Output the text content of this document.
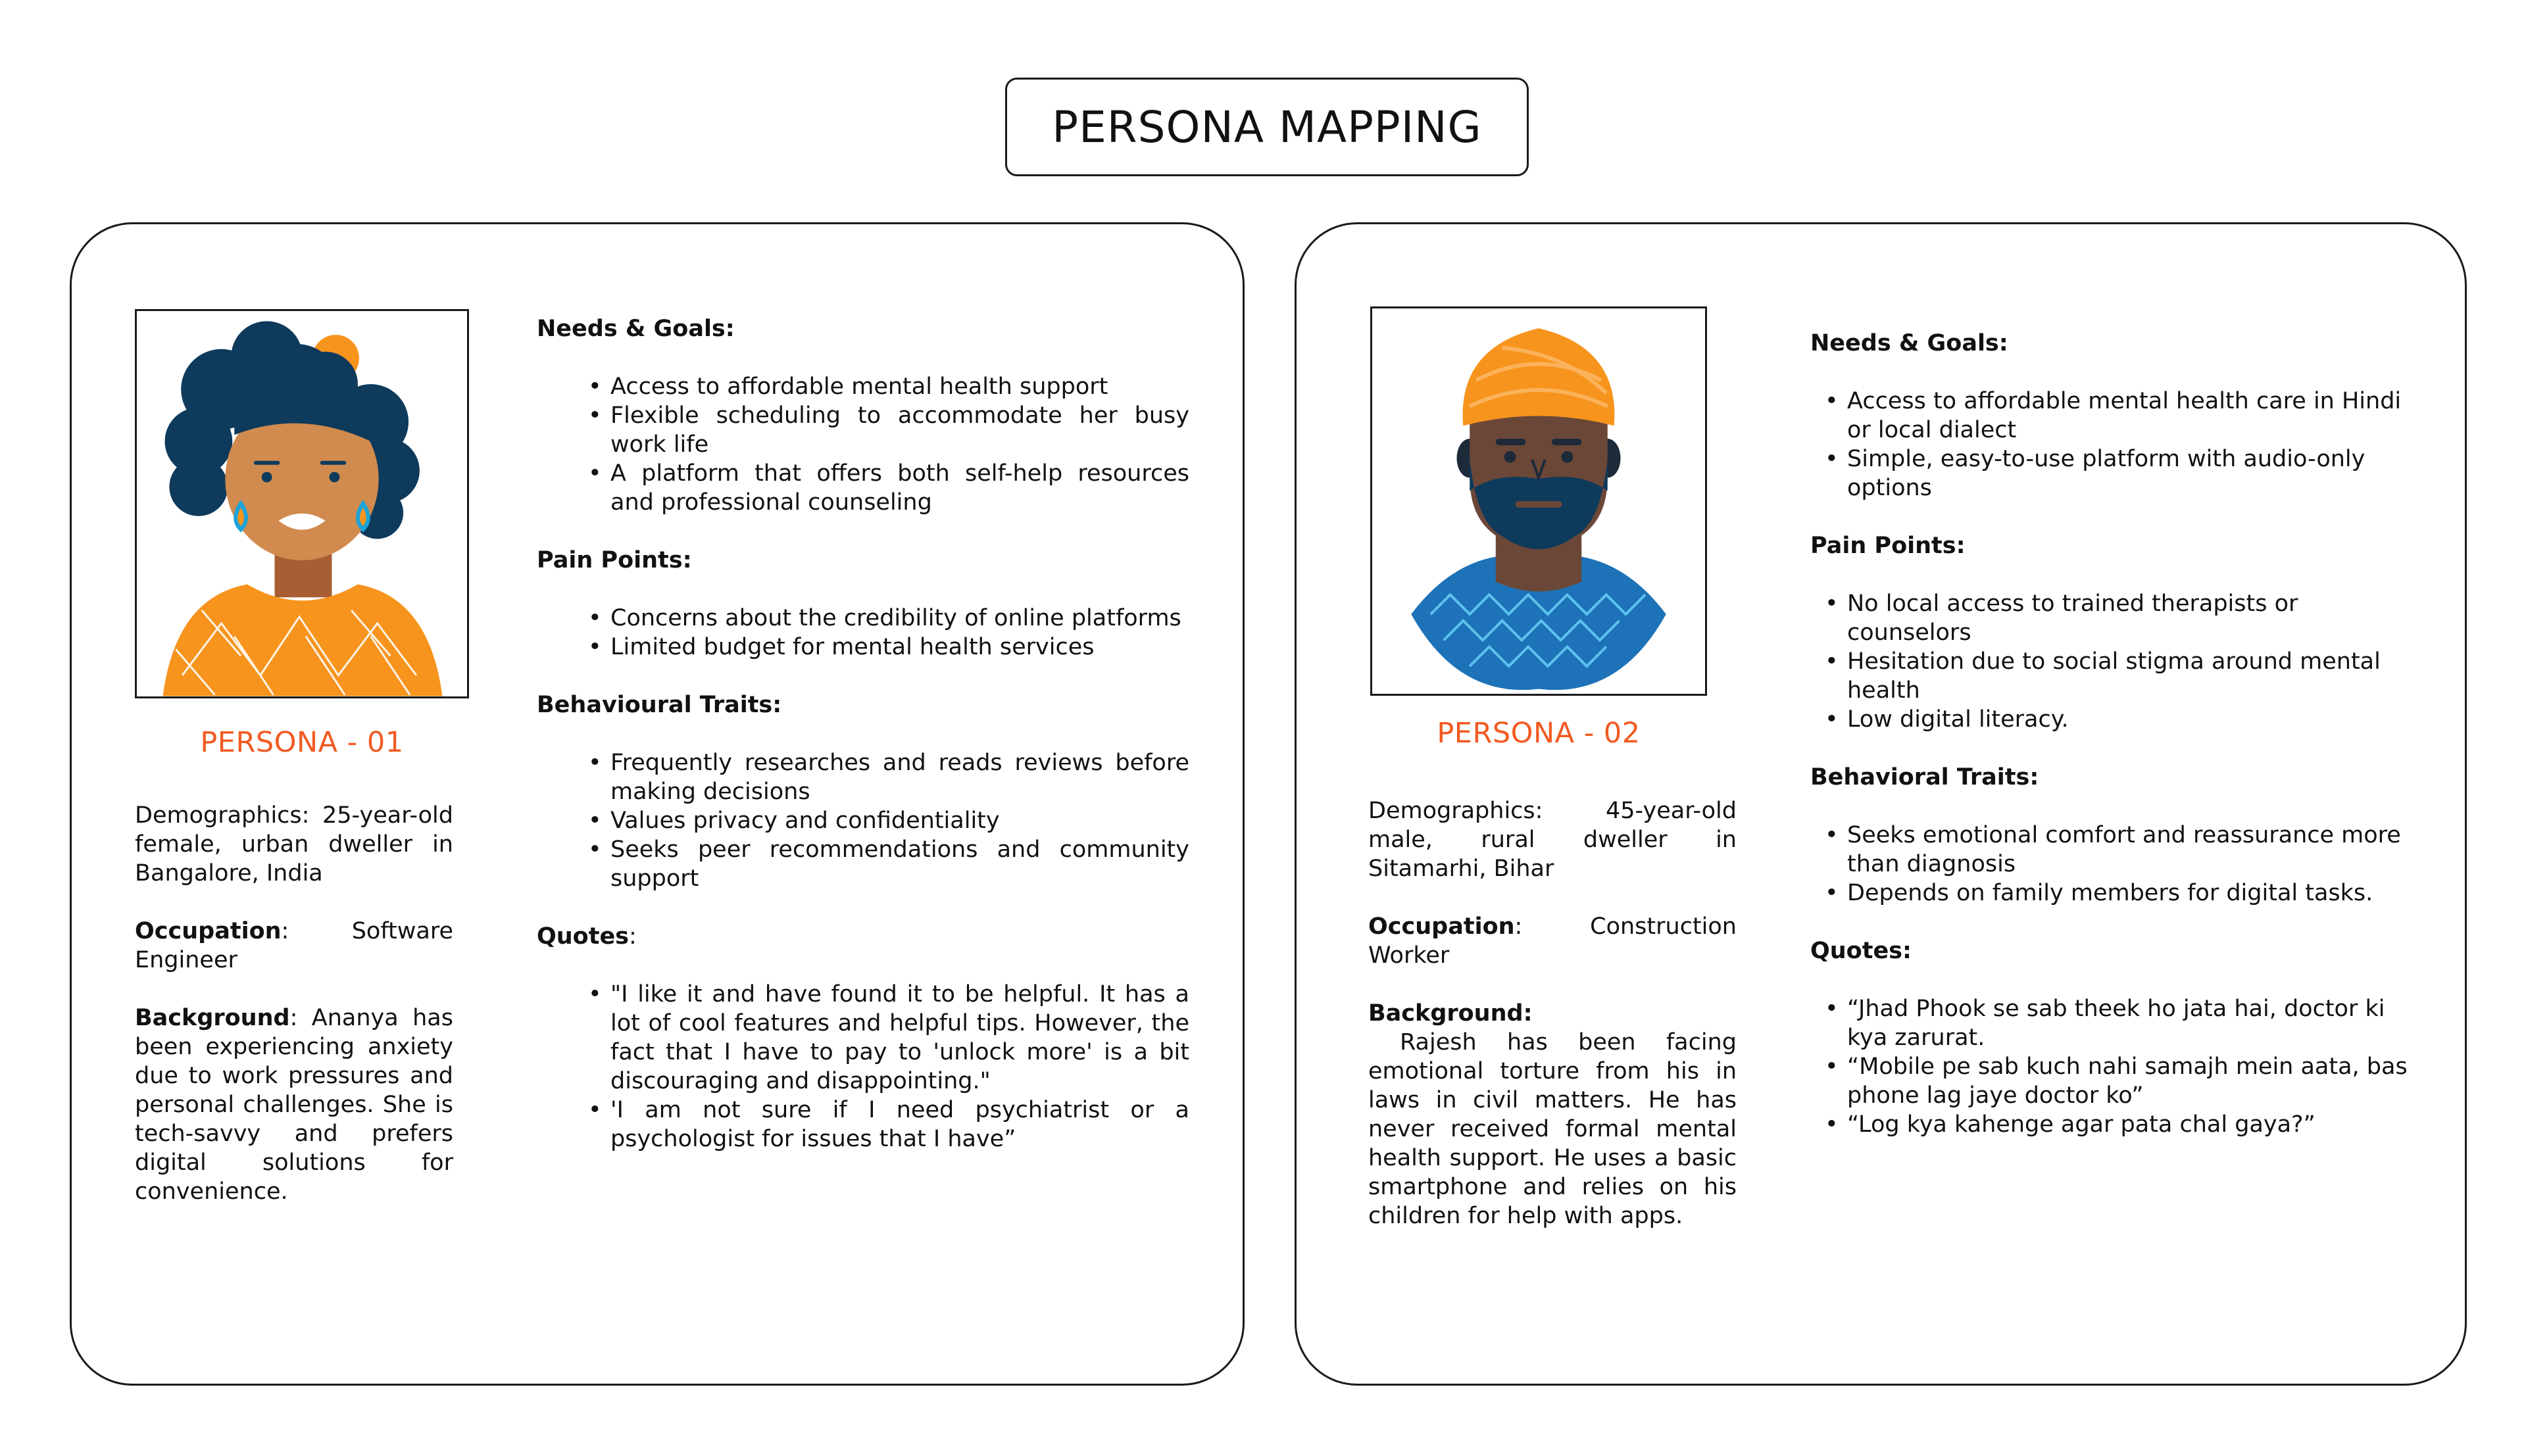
PERSONA MAPPING
PERSONA - 01

Demographics: 25-year-old female, urban dweller in Bangalore, India

Occupation: Software Engineer

Background: Ananya has been experiencing anxiety due to work pressures and personal challenges. She is tech-savvy and prefers digital solutions for convenience.

Needs & Goals:
• Access to affordable mental health support
• Flexible scheduling to accommodate her busy work life
• A platform that offers both self-help resources and professional counseling
Pain Points:
• Concerns about the credibility of online platforms
• Limited budget for mental health services
Behavioural Traits:
• Frequently researches and reads reviews before making decisions
• Values privacy and confidentiality
• Seeks peer recommendations and community support
Quotes:
• "I like it and have found it to be helpful. It has a lot of cool features and helpful tips. However, the fact that I have to pay to 'unlock more' is a bit discouraging and disappointing."
• 'I am not sure if I need psychiatrist or a psychologist for issues that I have”
PERSONA - 02

Demographics:	45-year-old male, rural dweller in Sitamarhi, Bihar

Occupation: Construction Worker

Background:
Rajesh has been facing emotional torture from his in laws in civil matters. He has never received formal mental health support. He uses a basic smartphone and relies on his children for help with apps.

Needs & Goals:
• Access to affordable mental health care in Hindi or local dialect
• Simple, easy-to-use platform with audio-only options
Pain Points:
• No local access to trained therapists or counselors
• Hesitation due to social stigma around mental health
• Low digital literacy.
Behavioral Traits:
• Seeks emotional comfort and reassurance more than diagnosis
• Depends on family members for digital tasks.
Quotes:
• “Jhad Phook se sab theek ho jata hai, doctor ki kya zarurat.
• “Mobile pe sab kuch nahi samajh mein aata, bas phone lag jaye doctor ko”
• “Log kya kahenge agar pata chal gaya?”
